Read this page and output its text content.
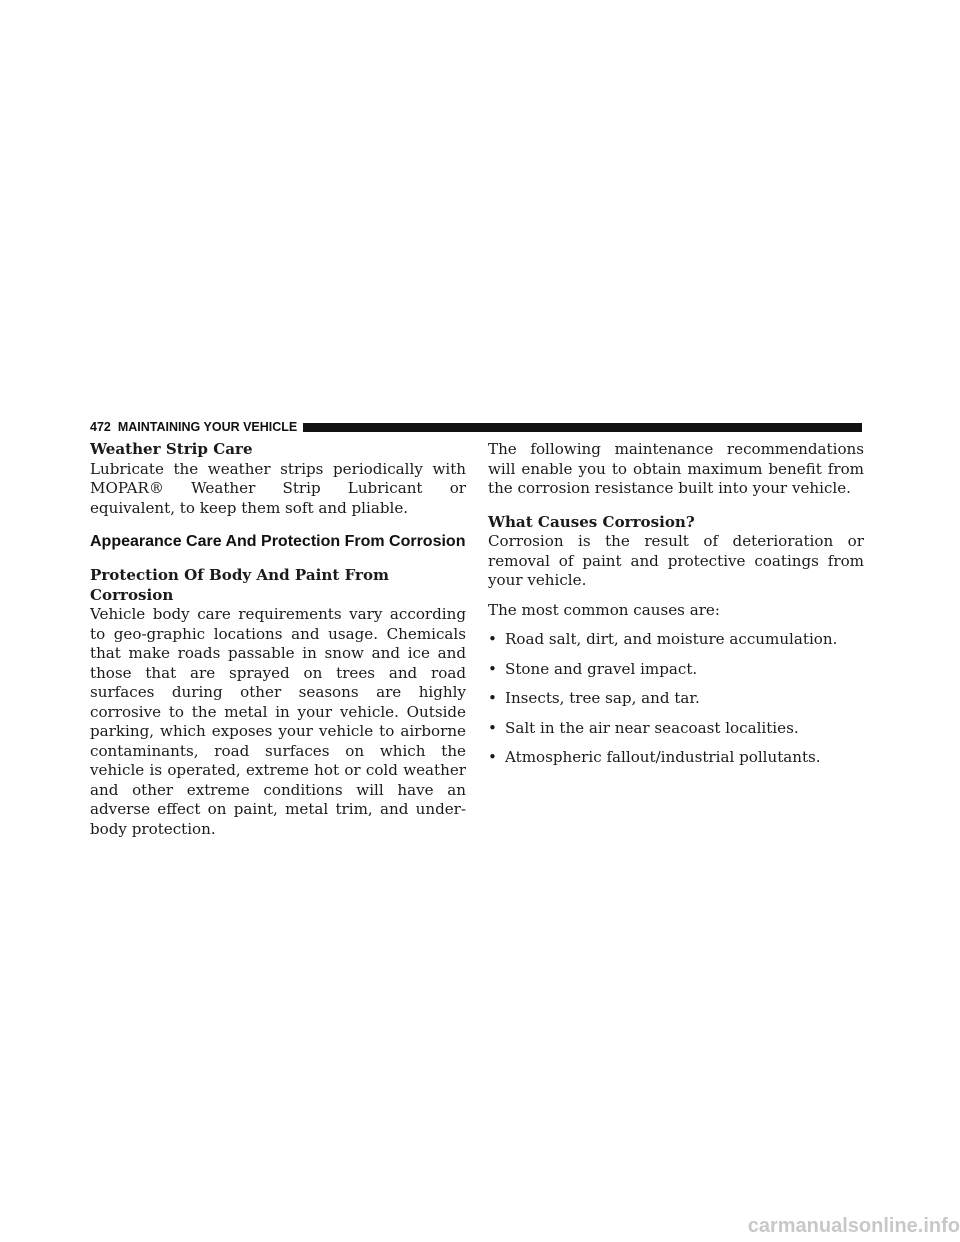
472 MAINTAINING YOUR VEHICLE
Weather Strip Care

Lubricate the weather strips periodically with MOPAR® Weather Strip Lubricant or equivalent, to keep them soft and pliable.

Appearance Care And Protection From Corrosion
Protection Of Body And Paint From Corrosion

Vehicle body care requirements vary according to geo-graphic locations and usage. Chemicals that make roads passable in snow and ice and those that are sprayed on trees and road surfaces during other seasons are highly corrosive to the metal in your vehicle. Outside parking, which exposes your vehicle to airborne contaminants, road surfaces on which the vehicle is operated, extreme hot or cold weather and other extreme conditions will have an adverse effect on paint, metal trim, and under-body protection.

The following maintenance recommendations will enable you to obtain maximum benefit from the corrosion resistance built into your vehicle.

What Causes Corrosion?

Corrosion is the result of deterioration or removal of paint and protective coatings from your vehicle.

The most common causes are:

• Road salt, dirt, and moisture accumulation.
• Stone and gravel impact.
• Insects, tree sap, and tar.
• Salt in the air near seacoast localities.
• Atmospheric fallout/industrial pollutants.
carmanualsonline.info
